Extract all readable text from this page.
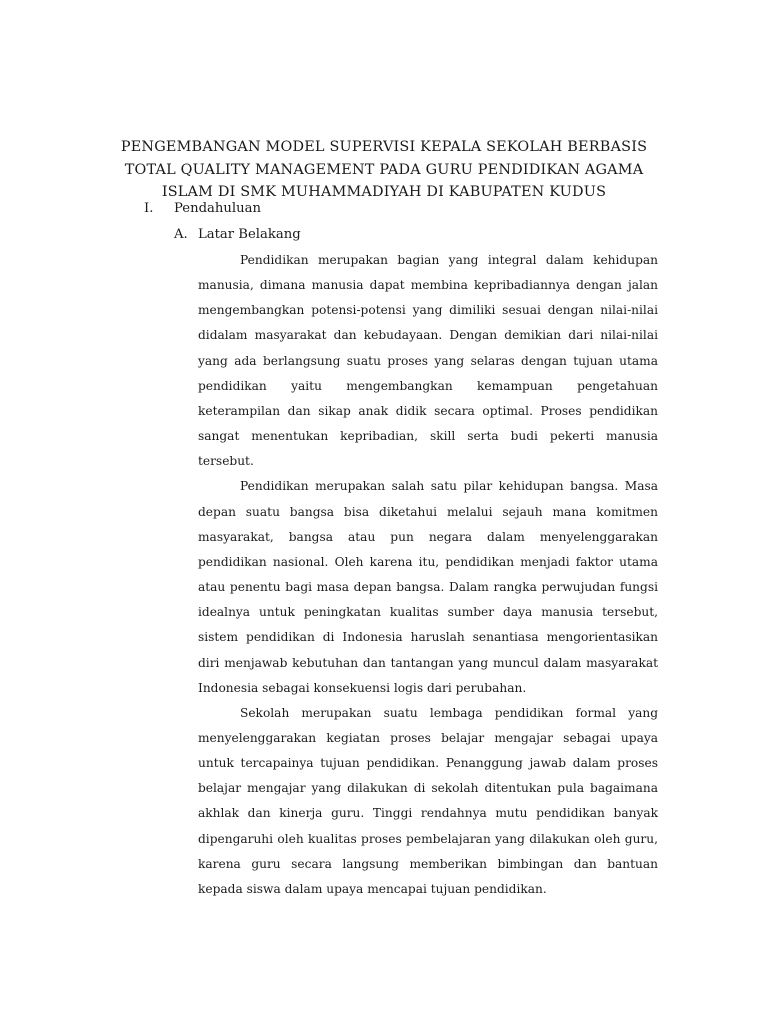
PENGEMBANGAN MODEL SUPERVISI KEPALA SEKOLAH BERBASIS
TOTAL QUALITY MANAGEMENT PADA GURU PENDIDIKAN AGAMA
ISLAM DI SMK MUHAMMADIYAH DI KABUPATEN KUDUS
I. Pendahuluan
A. Latar Belakang

Pendidikan merupakan bagian yang integral dalam kehidupan manusia, dimana manusia dapat membina kepribadiannya dengan jalan mengembangkan potensi-potensi yang dimiliki sesuai dengan nilai-nilai didalam masyarakat dan kebudayaan. Dengan demikian dari nilai-nilai yang ada berlangsung suatu proses yang selaras dengan tujuan utama pendidikan yaitu mengembangkan kemampuan pengetahuan keterampilan dan sikap anak didik secara optimal. Proses pendidikan sangat menentukan kepribadian, skill serta budi pekerti manusia tersebut.

Pendidikan merupakan salah satu pilar kehidupan bangsa. Masa depan suatu bangsa bisa diketahui melalui sejauh mana komitmen masyarakat, bangsa atau pun negara dalam menyelenggarakan pendidikan nasional. Oleh karena itu, pendidikan menjadi faktor utama atau penentu bagi masa depan bangsa. Dalam rangka perwujudan fungsi idealnya untuk peningkatan kualitas sumber daya manusia tersebut, sistem pendidikan di Indonesia haruslah senantiasa mengorientasikan diri menjawab kebutuhan dan tantangan yang muncul dalam masyarakat Indonesia sebagai konsekuensi logis dari perubahan.

Sekolah merupakan suatu lembaga pendidikan formal yang menyelenggarakan kegiatan proses belajar mengajar sebagai upaya untuk tercapainya tujuan pendidikan. Penanggung jawab dalam proses belajar mengajar yang dilakukan di sekolah ditentukan pula bagaimana akhlak dan kinerja guru. Tinggi rendahnya mutu pendidikan banyak dipengaruhi oleh kualitas proses pembelajaran yang dilakukan oleh guru, karena guru secara langsung memberikan bimbingan dan bantuan kepada siswa dalam upaya mencapai tujuan pendidikan.
